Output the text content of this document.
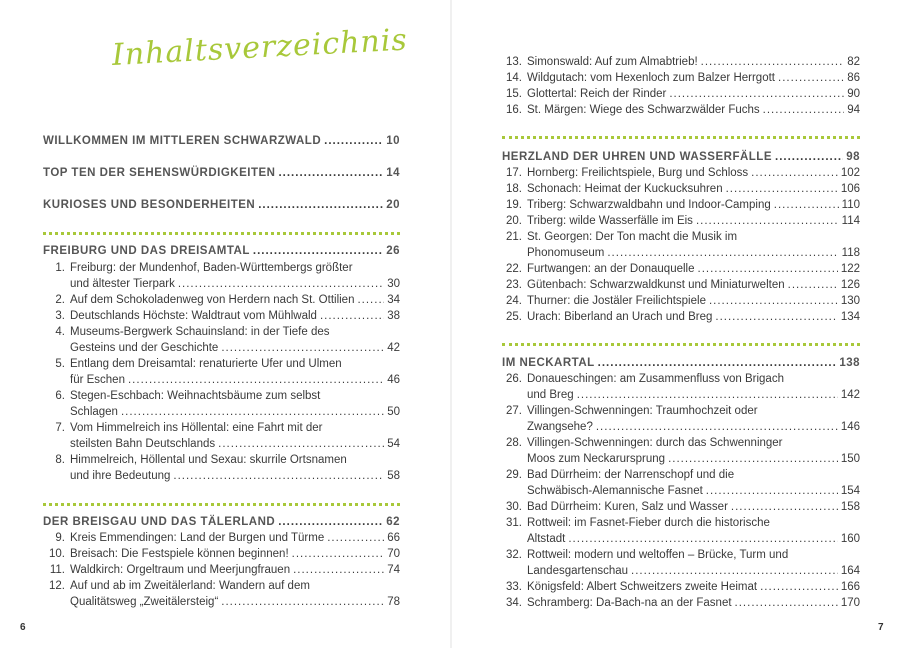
Inhaltsverzeichnis
WILLKOMMEN IM MITTLEREN SCHWARZWALD .....	10
TOP TEN DER SEHENSWÜRDIGKEITEN .....	14
KURIOSES UND BESONDERHEITEN .....	20
FREIBURG UND DAS DREISAMTAL .....	26
1. Freiburg: der Mundenhof, Baden-Württembergs größter
und ältester Tierpark .....	30
2. Auf dem Schokoladenweg von Herdern nach St. Ottilien .....	34
3. Deutschlands Höchste: Waldtraut vom Mühlwald .....	38
4. Museums-Bergwerk Schauinsland: in der Tiefe des
Gesteins und der Geschichte .....	42
5. Entlang dem Dreisamtal: renaturierte Ufer und Ulmen
für Eschen .....	46
6. Stegen-Eschbach: Weihnachtsbäume zum selbst
Schlagen .....	50
7. Vom Himmelreich ins Höllental: eine Fahrt mit der
steilsten Bahn Deutschlands .....	54
8. Himmelreich, Höllental und Sexau: skurrile Ortsnamen
und ihre Bedeutung .....	58
DER BREISGAU UND DAS TÄLERLAND .....	62
9. Kreis Emmendingen: Land der Burgen und Türme .....	66
10. Breisach: Die Festspiele können beginnen! .....	70
11. Waldkirch: Orgeltraum und Meerjungfrauen .....	74
12. Auf und ab im Zweitälerland: Wandern auf dem
Qualitätsweg „Zweitälersteig“ .....	78
6
13. Simonswald: Auf zum Almabtrieb! .....	82
14. Wildgutach: vom Hexenloch zum Balzer Herrgott .....	86
15. Glottertal: Reich der Rinder .....	90
16. St. Märgen: Wiege des Schwarzwälder Fuchs .....	94
HERZLAND DER UHREN UND WASSERFÄLLE .....	98
17. Hornberg: Freilichtspiele, Burg und Schloss .....	102
18. Schonach: Heimat der Kuckucksuhren .....	106
19. Triberg: Schwarzwaldbahn und Indoor-Camping .....	110
20. Triberg: wilde Wasserfälle im Eis .....	114
21. St. Georgen: Der Ton macht die Musik im
Phonomuseum .....	118
22. Furtwangen: an der Donauquelle .....	122
23. Gütenbach: Schwarzwaldkunst und Miniaturwelten .....	126
24. Thurner: die Jostäler Freilichtspiele .....	130
25. Urach: Biberland an Urach und Breg .....	134
IM NECKARTAL .....	138
26. Donaueschingen: am Zusammenfluss von Brigach
und Breg .....	142
27. Villingen-Schwenningen: Traumhochzeit oder
Zwangsehe? .....	146
28. Villingen-Schwenningen: durch das Schwenninger
Moos zum Neckarursprung .....	150
29. Bad Dürrheim: der Narrenschopf und die
Schwäbisch-Alemannische Fasnet .....	154
30. Bad Dürrheim: Kuren, Salz und Wasser .....	158
31. Rottweil: im Fasnet-Fieber durch die historische
Altstadt .....	160
32. Rottweil: modern und weltoffen – Brücke, Turm und
Landesgartenschau .....	164
33. Königsfeld: Albert Schweitzers zweite Heimat .....	166
34. Schramberg: Da-Bach-na an der Fasnet .....	170
7
